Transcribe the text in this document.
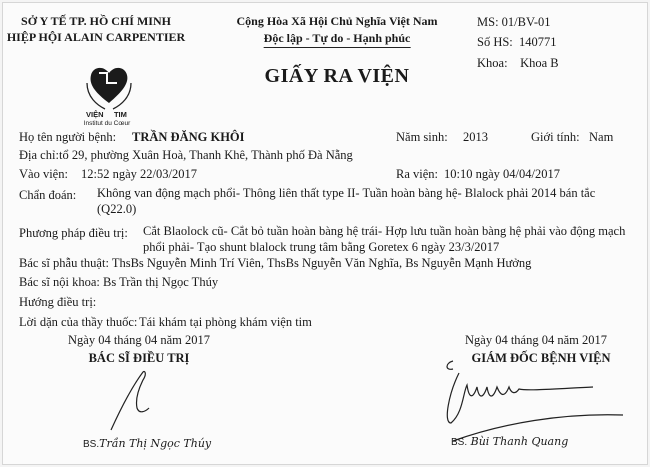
SỞ Y TẾ TP. HỒ CHÍ MINH
HIỆP HỘI ALAIN CARPENTIER
VIỆN TIM
Institut du Cœur
Cộng Hòa Xã Hội Chủ Nghĩa Việt Nam
Độc lập - Tự do - Hạnh phúc
GIẤY RA VIỆN
MS: 01/BV-01
Số HS: 140771
Khoa: Khoa B
Họ tên người bệnh: TRẦN ĐĂNG KHÔI	Năm sinh: 2013	Giới tính: Nam
Địa chỉ: tổ 29, phường Xuân Hoà, Thanh Khê, Thành phố Đà Nẵng
Vào viện: 12:52 ngày 22/03/2017	Ra viện: 10:10 ngày 04/04/2017
Chẩn đoán: Không van động mạch phổi- Thông liên thất type II- Tuần hoàn bàng hệ- Blalock phải 2014 bán tắc
(Q22.0)
Phương pháp điều trị: Cắt Blaolock cũ- Cắt bỏ tuần hoàn bàng hệ trái- Hợp lưu tuần hoàn bàng hệ phải vào động mạch
phổi phải- Tạo shunt blalock trung tâm bằng Goretex 6 ngày 23/3/2017
Bác sĩ phẫu thuật: ThsBs Nguyễn Minh Trí Viên, ThsBs Nguyễn Văn Nghĩa, Bs Nguyễn Mạnh Hưởng
Bác sĩ nội khoa: Bs Trần thị Ngọc Thúy
Hướng điều trị:
Lời dặn của thầy thuốc: Tái khám tại phòng khám viện tim
Ngày 04 tháng 04 năm 2017
BÁC SĨ ĐIỀU TRỊ
BS.Trần Thị Ngọc Thúy
Ngày 04 tháng 04 năm 2017
GIÁM ĐỐC BỆNH VIỆN
BS. Bùi Thanh Quang
